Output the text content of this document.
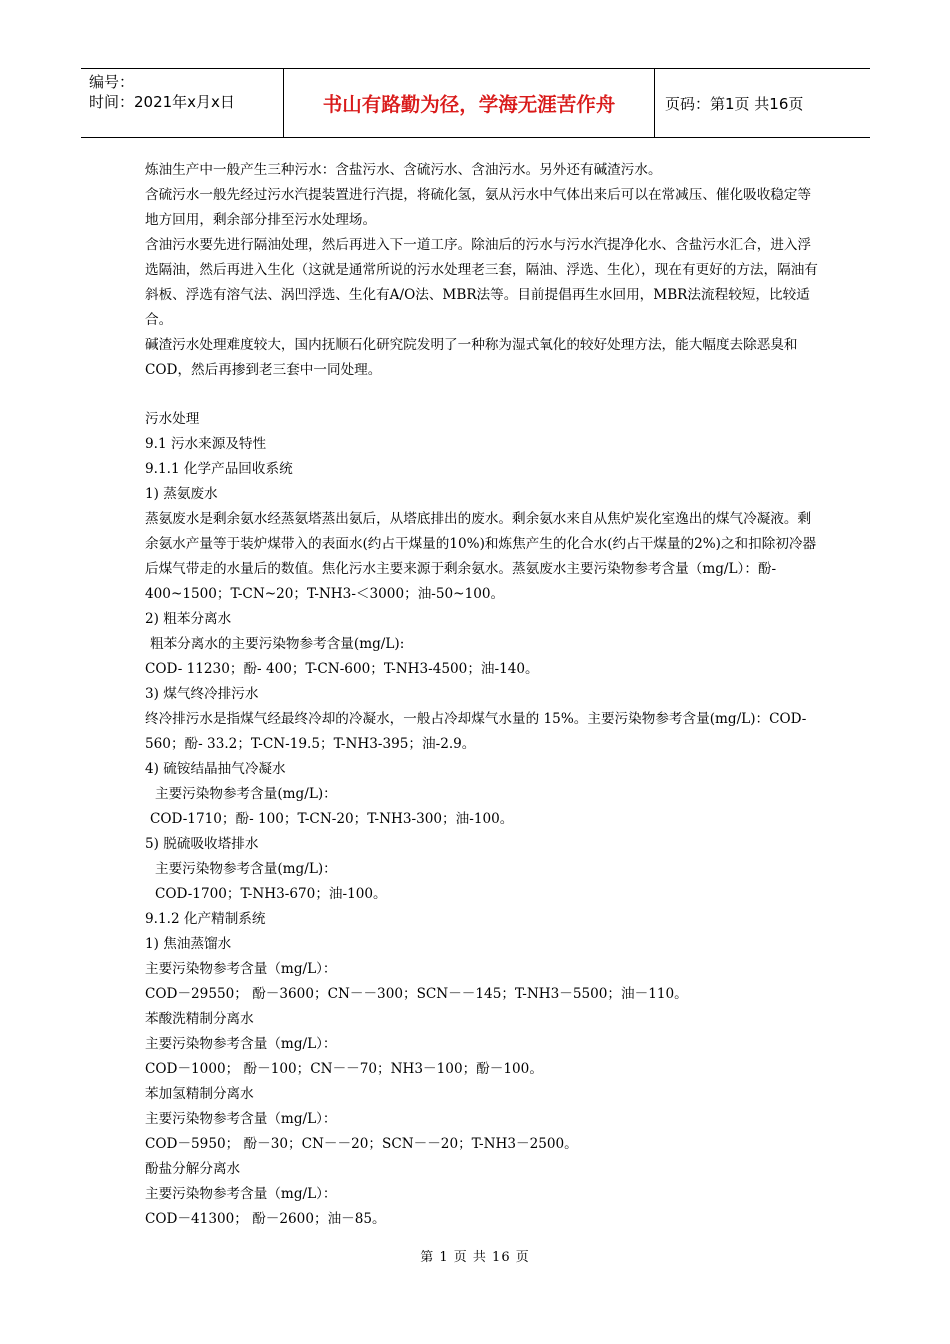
编号：
时间：2021年x月x日	书山有路勤为径，学海无涯苦作舟	页码：第1页 共16页

炼油生产中一般产生三种污水：含盐污水、含硫污水、含油污水。另外还有碱渣污水。

含硫污水一般先经过污水汽提装置进行汽提，将硫化氢，氨从污水中气体出来后可以在常减压、催化吸收稳定等地方回用，剩余部分排至污水处理场。

含油污水要先进行隔油处理，然后再进入下一道工序。除油后的污水与污水汽提净化水、含盐污水汇合，进入浮选隔油，然后再进入生化（这就是通常所说的污水处理老三套，隔油、浮选、生化），现在有更好的方法，隔油有斜板、浮选有溶气法、涡凹浮选、生化有A/O法、MBR法等。目前提倡再生水回用，MBR法流程较短，比较适合。

碱渣污水处理难度较大，国内抚顺石化研究院发明了一种称为湿式氧化的较好处理方法，能大幅度去除恶臭和COD，然后再掺到老三套中一同处理。

污水处理

9.1 污水来源及特性

9.1.1 化学产品回收系统

1) 蒸氨废水

蒸氨废水是剩余氨水经蒸氨塔蒸出氨后，从塔底排出的废水。剩余氨水来自从焦炉炭化室逸出的煤气冷凝液。剩余氨水产量等于装炉煤带入的表面水(约占干煤量的10%)和炼焦产生的化合水(约占干煤量的2%)之和扣除初冷器后煤气带走的水量后的数值。焦化污水主要来源于剩余氨水。蒸氨废水主要污染物参考含量（mg/L）：酚- 400~1500；T-CN~20；T-NH3-＜3000；油-50~100。

2) 粗苯分离水

粗苯分离水的主要污染物参考含量(mg/L):

COD- 11230；酚- 400；T-CN-600；T-NH3-4500；油-140。

3) 煤气终冷排污水

终冷排污水是指煤气经最终冷却的冷凝水，一般占冷却煤气水量的 15%。主要污染物参考含量(mg/L)：COD- 560；酚- 33.2；T-CN-19.5；T-NH3-395；油-2.9。

4) 硫铵结晶抽气冷凝水

主要污染物参考含量(mg/L)：

COD-1710；酚- 100；T-CN-20；T-NH3-300；油-100。

5) 脱硫吸收塔排水

主要污染物参考含量(mg/L)：

COD-1700；T-NH3-670；油-100。

9.1.2 化产精制系统

1) 焦油蒸馏水

主要污染物参考含量（mg/L）：

COD－29550； 酚－3600；CN－－300；SCN－－145；T-NH3－5500；油－110。

苯酸洗精制分离水

主要污染物参考含量（mg/L）：

COD－1000； 酚－100；CN－－70；NH3－100；酚－100。

苯加氢精制分离水

主要污染物参考含量（mg/L）：

COD－5950； 酚－30；CN－－20；SCN－－20；T-NH3－2500。

酚盐分解分离水

主要污染物参考含量（mg/L）：

COD－41300； 酚－2600；油－85。

第 1 页 共 16 页
